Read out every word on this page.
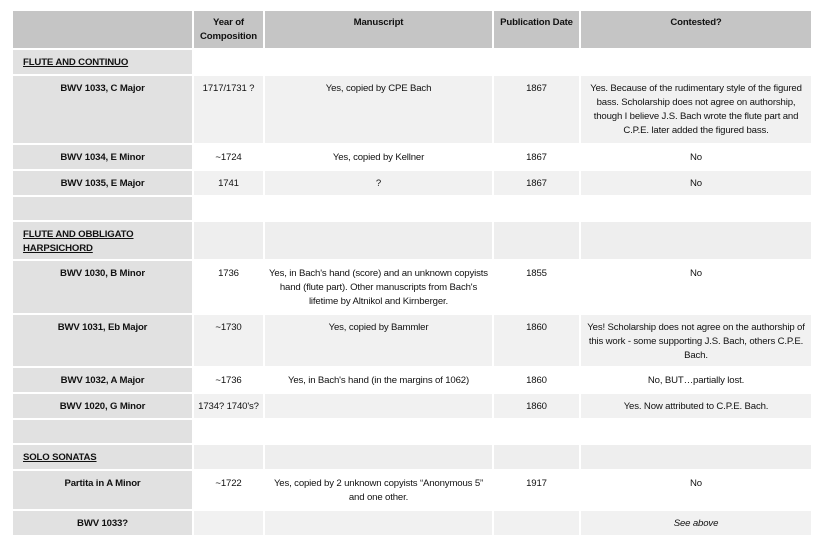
	Year of
Composition	Manuscript	Publication Date	Contested?
FLUTE AND CONTINUO				
BWV 1033, C Major	1717/1731 ?	Yes, copied by CPE Bach	1867	Yes. Because of the rudimentary style of the figured bass. Scholarship does not agree on authorship, though I believe J.S. Bach wrote the flute part and C.P.E. later added the figured bass.
BWV 1034, E Minor	~1724	Yes, copied by Kellner	1867	No
BWV 1035, E Major	1741	?	1867	No

FLUTE AND OBBLIGATO HARPSICHORD				
BWV 1030, B Minor	1736	Yes, in Bach's hand (score) and an unknown copyists hand (flute part). Other manuscripts from Bach's lifetime by Altnikol and Kirnberger.	1855	No
BWV 1031, Eb Major	~1730	Yes, copied by Bammler	1860	Yes! Scholarship does not agree on the authorship of this work - some supporting J.S. Bach, others C.P.E. Bach.
BWV 1032, A Major	~1736	Yes, in Bach's hand (in the margins of 1062)	1860	No, BUT…partially lost.
BWV 1020, G Minor	1734? 1740's?		1860	Yes. Now attributed to C.P.E. Bach.

SOLO SONATAS				
Partita in A Minor	~1722	Yes, copied by 2 unknown copyists “Anonymous 5” and one other.	1917	No
BWV 1033?				See above
